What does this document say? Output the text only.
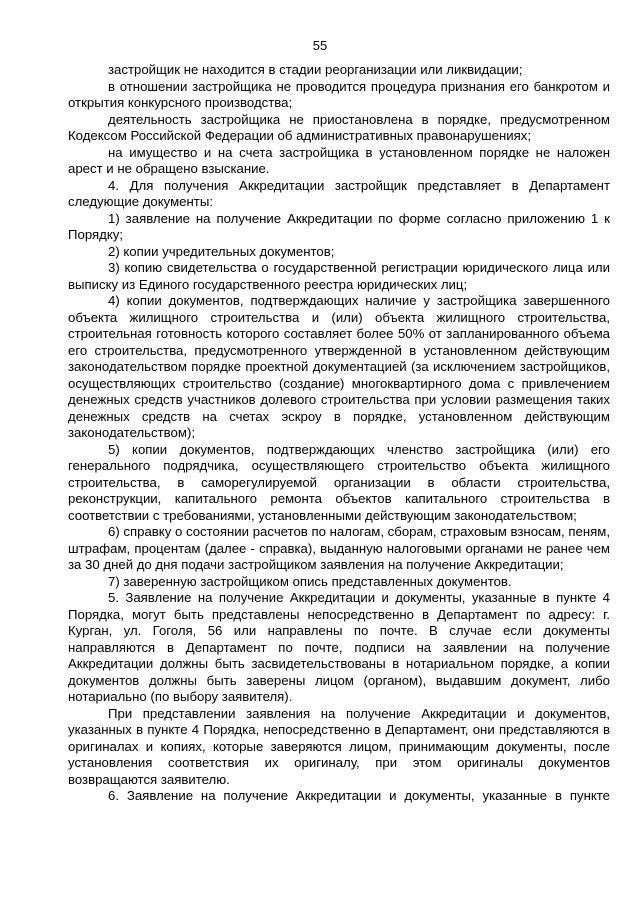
55

застройщик не находится в стадии реорганизации или ликвидации;

в отношении застройщика не проводится процедура признания его банкротом и открытия конкурсного производства;

деятельность застройщика не приостановлена в порядке, предусмотренном Кодексом Российской Федерации об административных правонарушениях;

на имущество и на счета застройщика в установленном порядке не наложен арест и не обращено взыскание.

4. Для получения Аккредитации застройщик представляет в Департамент следующие документы:

1) заявление на получение Аккредитации по форме согласно приложению 1 к Порядку;

2) копии учредительных документов;

3) копию свидетельства о государственной регистрации юридического лица или выписку из Единого государственного реестра юридических лиц;

4) копии документов, подтверждающих наличие у застройщика завершенного объекта жилищного строительства и (или) объекта жилищного строительства, строительная готовность которого составляет более 50% от запланированного объема его строительства, предусмотренного утвержденной в установленном действующим законодательством порядке проектной документацией (за исключением застройщиков, осуществляющих строительство (создание) многоквартирного дома с привлечением денежных средств участников долевого строительства при условии размещения таких денежных средств на счетах эскроу в порядке, установленном действующим законодательством);

5) копии документов, подтверждающих членство застройщика (или) его генерального подрядчика, осуществляющего строительство объекта жилищного строительства, в саморегулируемой организации в области строительства, реконструкции, капитального ремонта объектов капитального строительства в соответствии с требованиями, установленными действующим законодательством;

6) справку о состоянии расчетов по налогам, сборам, страховым взносам, пеням, штрафам, процентам (далее - справка), выданную налоговыми органами не ранее чем за 30 дней до дня подачи застройщиком заявления на получение Аккредитации;

7) заверенную застройщиком опись представленных документов.

5. Заявление на получение Аккредитации и документы, указанные в пункте 4 Порядка, могут быть представлены непосредственно в Департамент по адресу: г. Курган, ул. Гоголя, 56 или направлены по почте. В случае если документы направляются в Департамент по почте, подписи на заявлении на получение Аккредитации должны быть засвидетельствованы в нотариальном порядке, а копии документов должны быть заверены лицом (органом), выдавшим документ, либо нотариально (по выбору заявителя).

При представлении заявления на получение Аккредитации и документов, указанных в пункте 4 Порядка, непосредственно в Департамент, они представляются в оригиналах и копиях, которые заверяются лицом, принимающим документы, после установления соответствия их оригиналу, при этом оригиналы документов возвращаются заявителю.

6. Заявление на получение Аккредитации и документы, указанные в пункте
